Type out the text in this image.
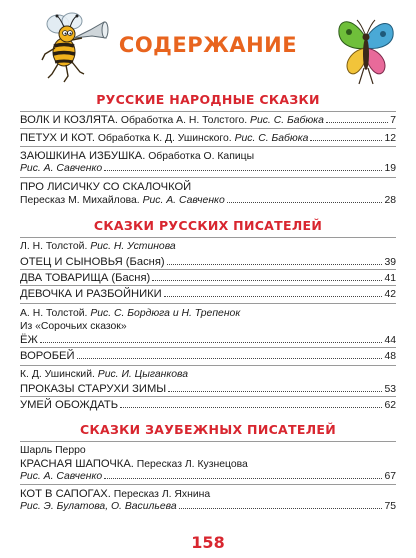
СОДЕРЖАНИЕ
РУССКИЕ НАРОДНЫЕ СКАЗКИ
ВОЛК И КОЗЛЯТА. Обработка А. Н. Толстого. Рис. С. Бабюка	7
ПЕТУХ И КОТ. Обработка К. Д. Ушинского. Рис. С. Бабюка	12
ЗАЮШКИНА ИЗБУШКА. Обработка О. Капицы
Рис. А. Савченко	19
ПРО ЛИСИЧКУ СО СКАЛОЧКОЙ
Пересказ М. Михайлова. Рис. А. Савченко	28
СКАЗКИ РУССКИХ ПИСАТЕЛЕЙ
Л. Н. Толстой. Рис. Н. Устинова
ОТЕЦ И СЫНОВЬЯ (Басня)	39
ДВА ТОВАРИЩА (Басня)	41
ДЕВОЧКА И РАЗБОЙНИКИ	42
А. Н. Толстой. Рис. С. Бордюга и Н. Трепенок
Из «Сорочьих сказок»
ЁЖ	44
ВОРОБЕЙ	48
К. Д. Ушинский. Рис. И. Цыганкова
ПРОКАЗЫ СТАРУХИ ЗИМЫ	53
УМЕЙ ОБОЖДАТЬ	62
СКАЗКИ ЗАУБЕЖНЫХ ПИСАТЕЛЕЙ
Шарль Перро
КРАСНАЯ ШАПОЧКА. Пересказ Л. Кузнецова
Рис. А. Савченко	67
КОТ В САПОГАХ. Пересказ Л. Яхнина
Рис. Э. Булатова, О. Васильева	75
158
